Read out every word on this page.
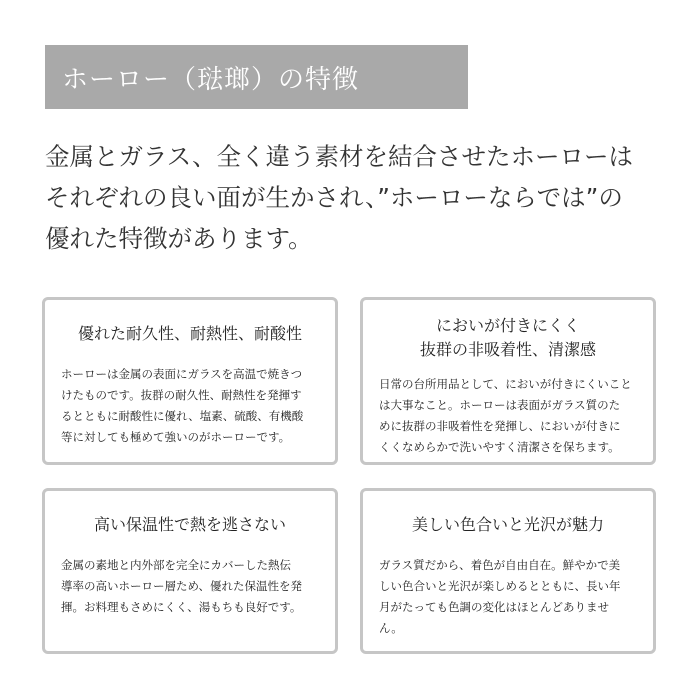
ホーロー（琺瑯）の特徴
金属とガラス、全く違う素材を結合させたホーローは
それぞれの良い面が生かされ、”ホーローならでは”の
優れた特徴があります。
優れた耐久性、耐熱性、耐酸性
ホーローは金属の表面にガラスを高温で焼きつ
けたものです。抜群の耐久性、耐熱性を発揮す
るとともに耐酸性に優れ、塩素、硫酸、有機酸
等に対しても極めて強いのがホーローです。
においが付きにくく
抜群の非吸着性、清潔感
日常の台所用品として、においが付きにくいこと
は大事なこと。ホーローは表面がガラス質のた
めに抜群の非吸着性を発揮し、においが付きに
くくなめらかで洗いやすく清潔さを保ちます。
高い保温性で熱を逃さない
金属の素地と内外部を完全にカバーした熱伝
導率の高いホーロー層ため、優れた保温性を発
揮。お料理もさめにくく、湯もちも良好です。
美しい色合いと光沢が魅力
ガラス質だから、着色が自由自在。鮮やかで美
しい色合いと光沢が楽しめるとともに、長い年
月がたっても色調の変化はほとんどありませ
ん。
